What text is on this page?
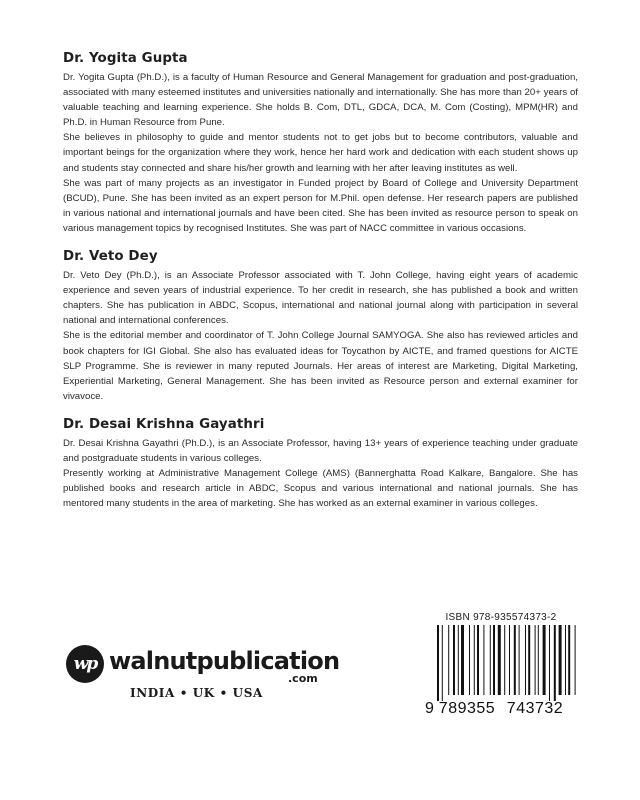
Dr. Yogita Gupta

Dr. Yogita Gupta (Ph.D.), is a faculty of Human Resource and General Management for graduation and post-graduation, associated with many esteemed institutes and universities nationally and internationally. She has more than 20+ years of valuable teaching and learning experience. She holds B. Com, DTL, GDCA, DCA, M. Com (Costing), MPM(HR) and Ph.D. in Human Resource from Pune.

She believes in philosophy to guide and mentor students not to get jobs but to become contributors, valuable and important beings for the organization where they work, hence her hard work and dedication with each student shows up and students stay connected and share his/her growth and learning with her after leaving institutes as well.

She was part of many projects as an investigator in Funded project by Board of College and University Department (BCUD), Pune. She has been invited as an expert person for M.Phil. open defense. Her research papers are published in various national and international journals and have been cited. She has been invited as resource person to speak on various management topics by recognised Institutes. She was part of NACC committee in various occasions.

Dr. Veto Dey

Dr. Veto Dey (Ph.D.), is an Associate Professor associated with T. John College, having eight years of academic experience and seven years of industrial experience. To her credit in research, she has published a book and written chapters. She has publication in ABDC, Scopus, international and national journal along with participation in several national and international conferences.

She is the editorial member and coordinator of T. John College Journal SAMYOGA. She also has reviewed articles and book chapters for IGI Global. She also has evaluated ideas for Toycathon by AICTE, and framed questions for AICTE SLP Programme. She is reviewer in many reputed Journals. Her areas of interest are Marketing, Digital Marketing, Experiential Marketing, General Management. She has been invited as Resource person and external examiner for vivavoce.

Dr. Desai Krishna Gayathri

Dr. Desai Krishna Gayathri (Ph.D.), is an Associate Professor, having 13+ years of experience teaching under graduate and postgraduate students in various colleges.

Presently working at Administrative Management College (AMS) (Bannerghatta Road Kalkare, Bangalore. She has published books and research article in ABDC, Scopus and various international and national journals. She has mentored many students in the area of marketing. She has worked as an external examiner in various colleges.

wp walnutpublication
.com
INDIA • UK • USA
ISBN 978-935574373-2
9 789355 743732
